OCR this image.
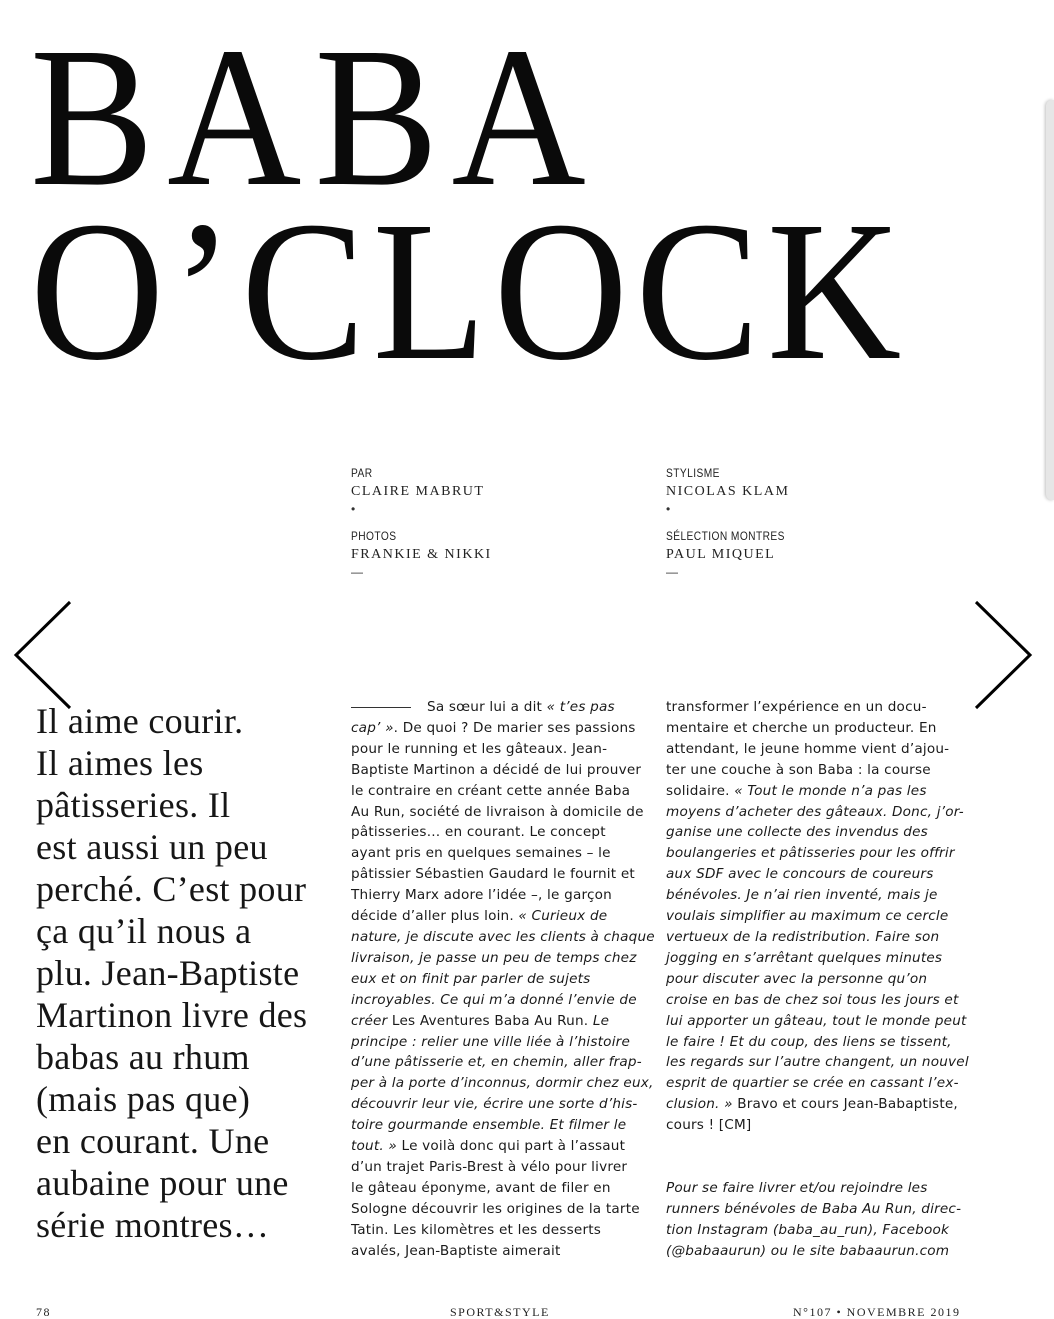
BABA
O’CLOCK
PAR
CLAIRE MABRUT
•
PHOTOS
FRANKIE & NIKKI
—
STYLISME
NICOLAS KLAM
•
SÉLECTION MONTRES
PAUL MIQUEL
—
Il aime courir.
Il aimes les
pâtisseries. Il
est aussi un peu
perché. C’est pour
ça qu’il nous a
plu. Jean-Baptiste
Martinon livre des
babas au rhum
(mais pas que)
en courant. Une
aubaine pour une
série montres…
Sa sœur lui a dit « t’es pas
cap’ ». De quoi ? De marier ses passions
pour le running et les gâteaux. Jean-
Baptiste Martinon a décidé de lui prouver
le contraire en créant cette année Baba
Au Run, société de livraison à domicile de
pâtisseries… en courant. Le concept
ayant pris en quelques semaines – le
pâtissier Sébastien Gaudard le fournit et
Thierry Marx adore l’idée –, le garçon
décide d’aller plus loin. « Curieux de
nature, je discute avec les clients à chaque
livraison, je passe un peu de temps chez
eux et on finit par parler de sujets
incroyables. Ce qui m’a donné l’envie de
créer Les Aventures Baba Au Run. Le
principe : relier une ville liée à l’histoire
d’une pâtisserie et, en chemin, aller frap-
per à la porte d’inconnus, dormir chez eux,
découvrir leur vie, écrire une sorte d’his-
toire gourmande ensemble. Et filmer le
tout. » Le voilà donc qui part à l’assaut
d’un trajet Paris-Brest à vélo pour livrer
le gâteau éponyme, avant de filer en
Sologne découvrir les origines de la tarte
Tatin. Les kilomètres et les desserts
avalés, Jean-Baptiste aimerait
transformer l’expérience en un docu-
mentaire et cherche un producteur. En
attendant, le jeune homme vient d’ajou-
ter une couche à son Baba : la course
solidaire. « Tout le monde n’a pas les
moyens d’acheter des gâteaux. Donc, j’or-
ganise une collecte des invendus des
boulangeries et pâtisseries pour les offrir
aux SDF avec le concours de coureurs
bénévoles. Je n’ai rien inventé, mais je
voulais simplifier au maximum ce cercle
vertueux de la redistribution. Faire son
jogging en s’arrêtant quelques minutes
pour discuter avec la personne qu’on
croise en bas de chez soi tous les jours et
lui apporter un gâteau, tout le monde peut
le faire ! Et du coup, des liens se tissent,
les regards sur l’autre changent, un nouvel
esprit de quartier se crée en cassant l’ex-
clusion. » Bravo et cours Jean-Babaptiste,
cours ! [CM]

Pour se faire livrer et/ou rejoindre les
runners bénévoles de Baba Au Run, direc-
tion Instagram (baba_au_run), Facebook
(@babaaurun) ou le site babaaurun.com
78	SPORT&STYLE	N°107 • NOVEMBRE 2019
